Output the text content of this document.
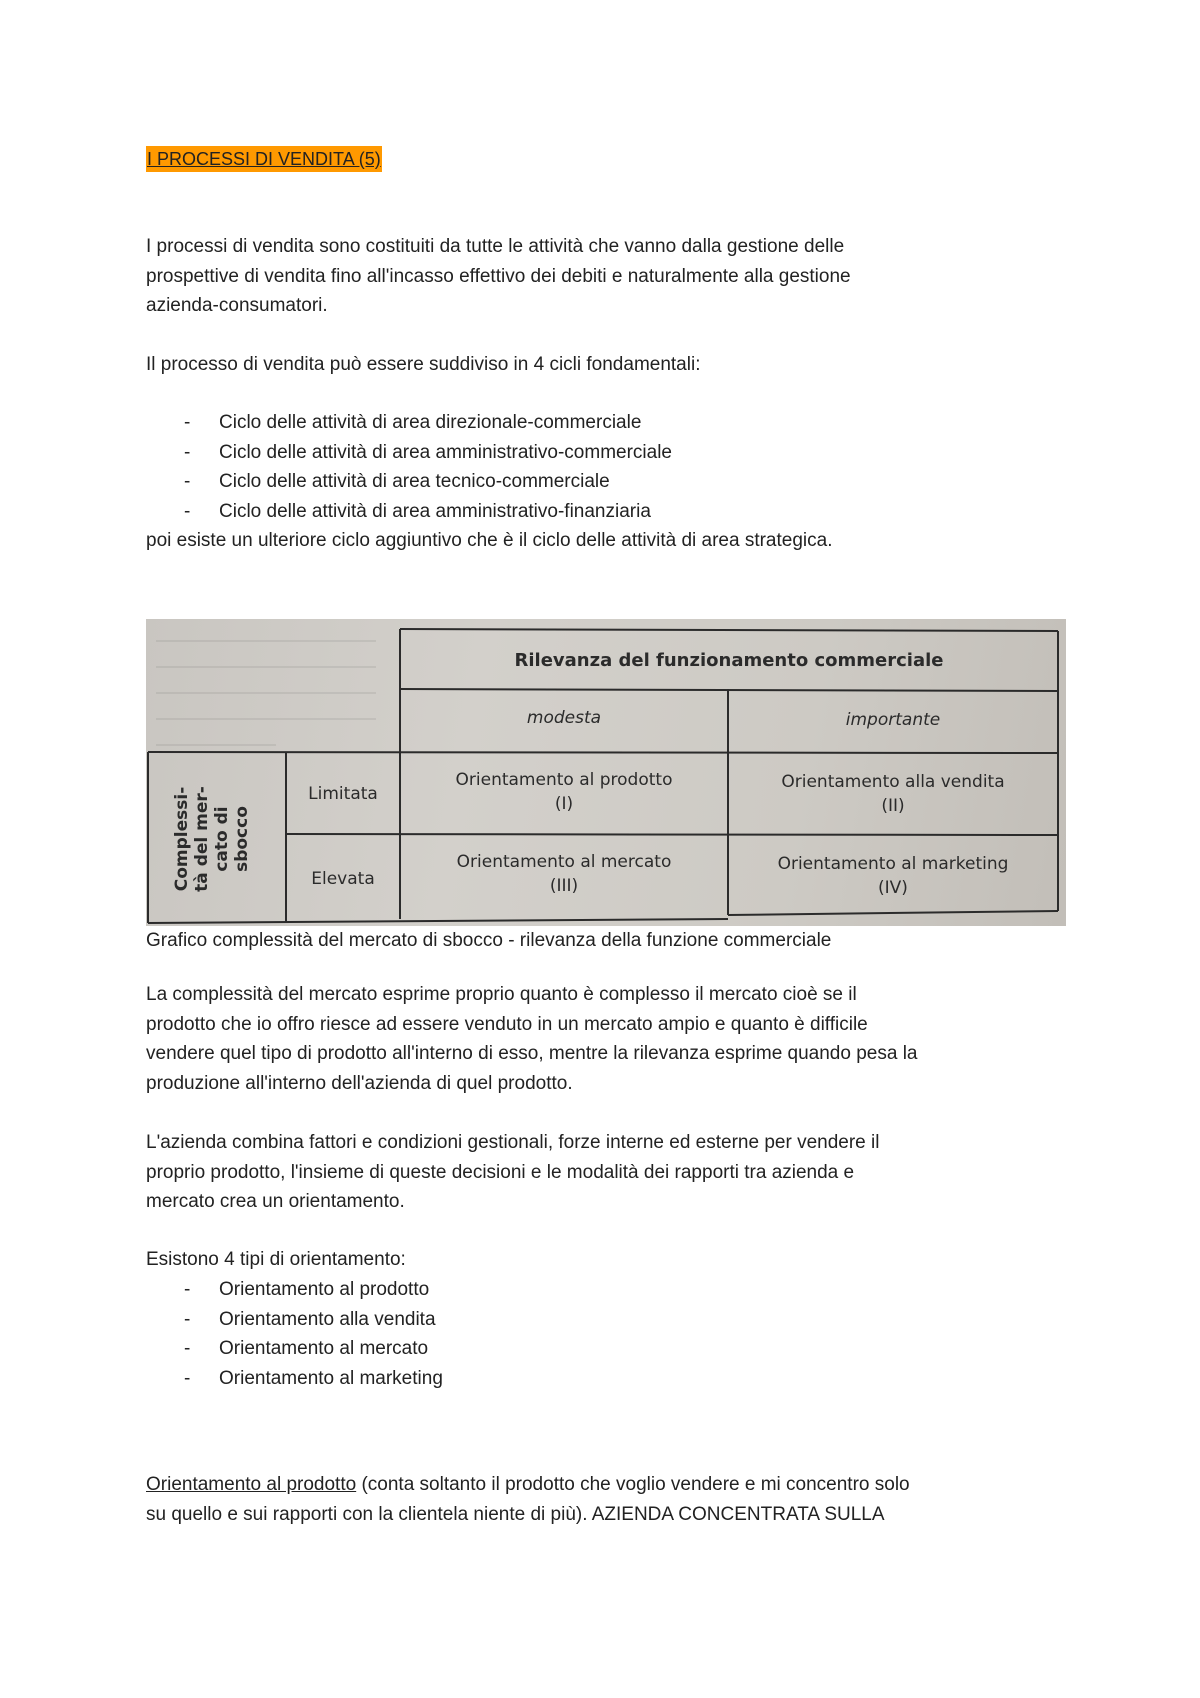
I PROCESSI DI VENDITA (5)

I processi di vendita sono costituiti da tutte le attività che vanno dalla gestione delle

prospettive di vendita fino all'incasso effettivo dei debiti e naturalmente alla gestione

azienda-consumatori.

Il processo di vendita può essere suddiviso in 4 cicli fondamentali:
- Ciclo delle attività di area direzionale-commerciale
- Ciclo delle attività di area amministrativo-commerciale
- Ciclo delle attività di area tecnico-commerciale
- Ciclo delle attività di area amministrativo-finanziaria
poi esiste un ulteriore ciclo aggiuntivo che è il ciclo delle attività di area strategica.

La complessità del mercato esprime proprio quanto è complesso il mercato cioè se il

prodotto che io offro riesce ad essere venduto in un mercato ampio e quanto è difficile

vendere quel tipo di prodotto all'interno di esso, mentre la rilevanza esprime quando pesa la

produzione all'interno dell'azienda di quel prodotto.

L'azienda combina fattori e condizioni gestionali, forze interne ed esterne per vendere il

proprio prodotto, l'insieme di queste decisioni e le modalità dei rapporti tra azienda e

mercato crea un orientamento.

Esistono 4 tipi di orientamento:
- Orientamento al prodotto
- Orientamento alla vendita
- Orientamento al mercato
- Orientamento al marketing

Orientamento al prodotto (conta soltanto il prodotto che voglio vendere e mi concentro solo

su quello e sui rapporti con la clientela niente di più). AZIENDA CONCENTRATA SULLA

Rilevanza del funzionamento commerciale
modesta	importante
Complessi- tà del mer- cato di sbocco
Limitata
Elevata
Orientamento al prodotto
(I)
Orientamento alla vendita
(II)
Orientamento al mercato
(III)
Orientamento al marketing
(IV)
Grafico complessità del mercato di sbocco - rilevanza della funzione commerciale
